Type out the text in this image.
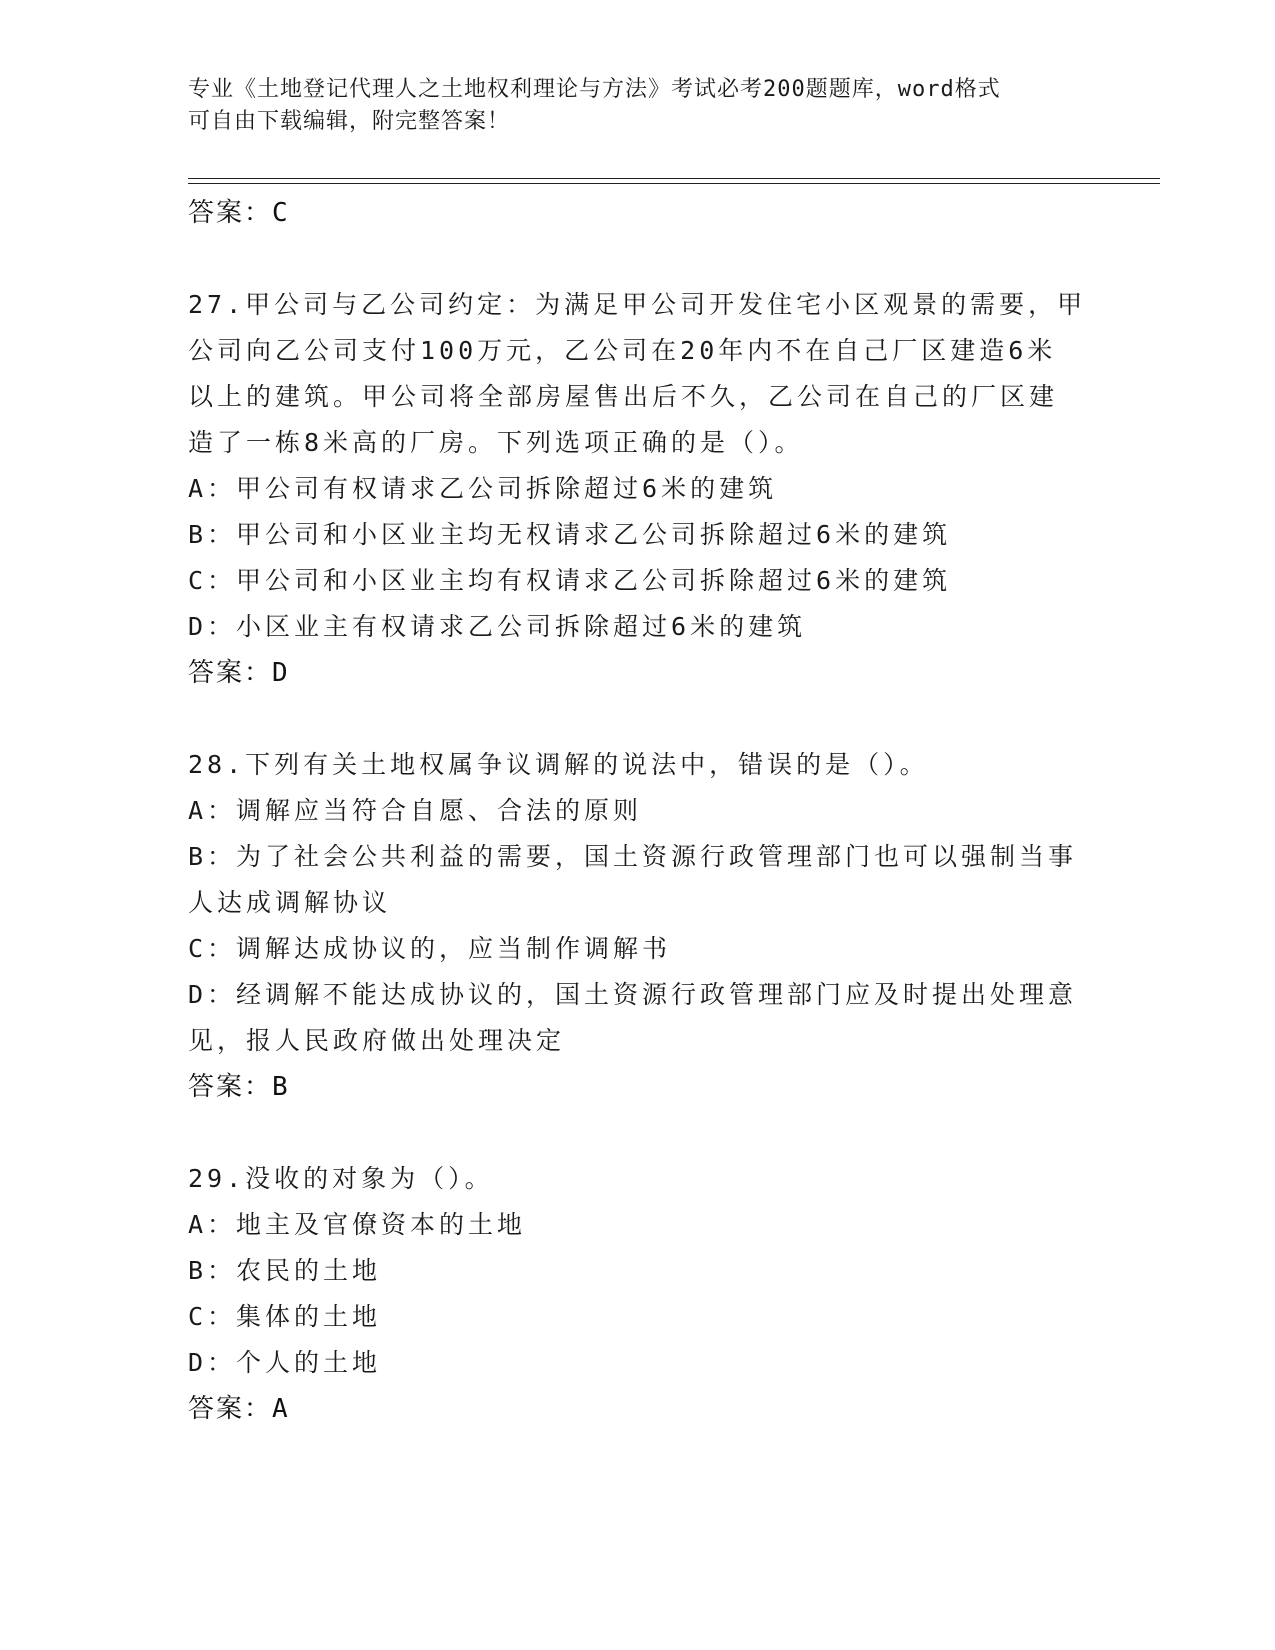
专业《土地登记代理人之土地权利理论与方法》考试必考200题题库，word格式
可自由下载编辑，附完整答案！
答案：C
27.甲公司与乙公司约定：为满足甲公司开发住宅小区观景的需要，甲
公司向乙公司支付100万元，乙公司在20年内不在自己厂区建造6米
以上的建筑。甲公司将全部房屋售出后不久，乙公司在自己的厂区建
造了一栋8米高的厂房。下列选项正确的是（）。
A：甲公司有权请求乙公司拆除超过6米的建筑
B：甲公司和小区业主均无权请求乙公司拆除超过6米的建筑
C：甲公司和小区业主均有权请求乙公司拆除超过6米的建筑
D：小区业主有权请求乙公司拆除超过6米的建筑
答案：D
28.下列有关土地权属争议调解的说法中，错误的是（）。
A：调解应当符合自愿、合法的原则
B：为了社会公共利益的需要，国土资源行政管理部门也可以强制当事
人达成调解协议
C：调解达成协议的，应当制作调解书
D：经调解不能达成协议的，国土资源行政管理部门应及时提出处理意
见，报人民政府做出处理决定
答案：B
29.没收的对象为（）。
A：地主及官僚资本的土地
B：农民的土地
C：集体的土地
D：个人的土地
答案：A
